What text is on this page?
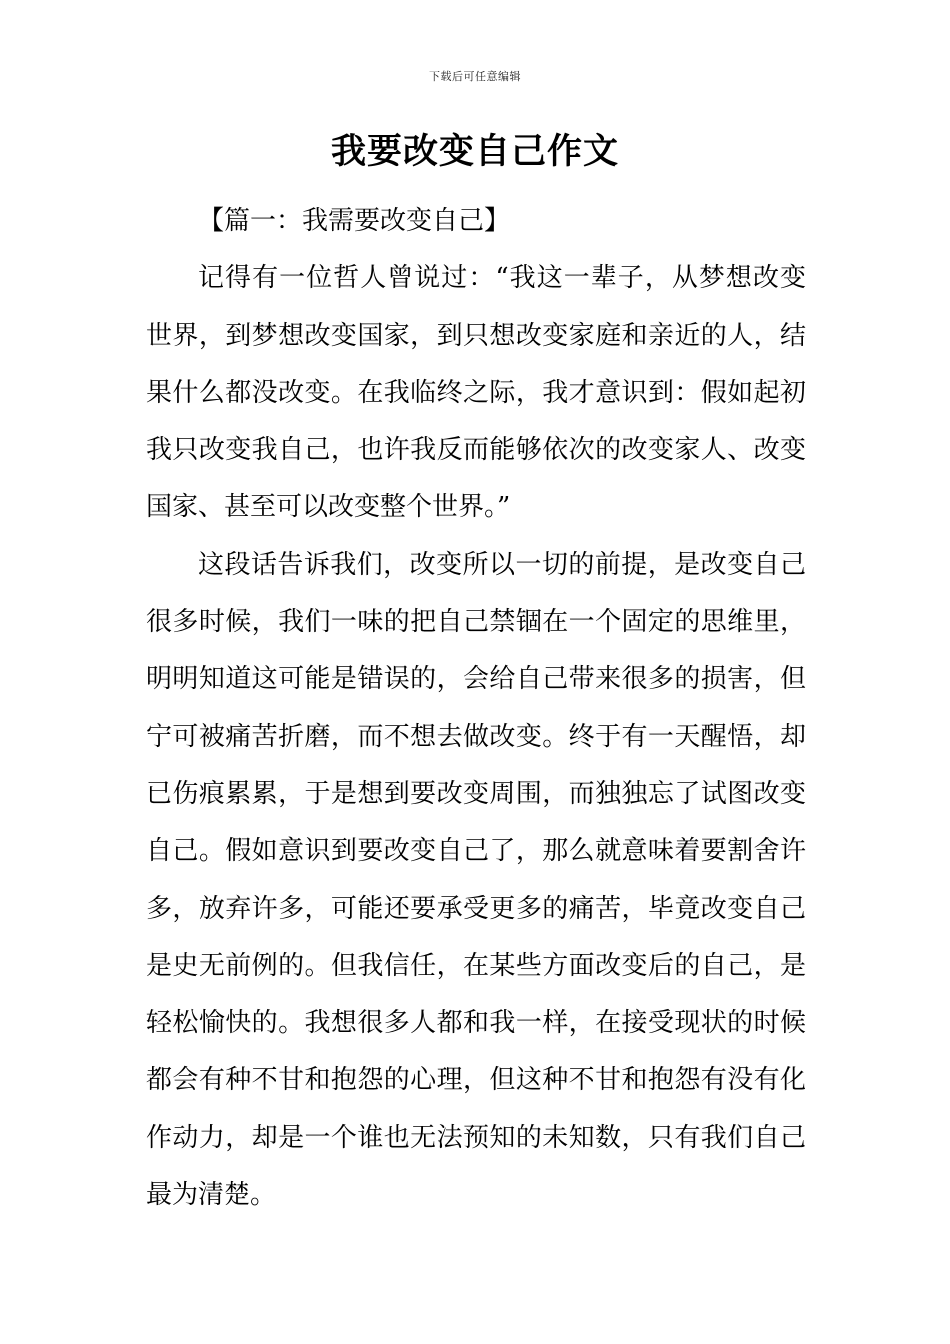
下载后可任意编辑
我要改变自己作文

【篇一：我需要改变自己】

记得有一位哲人曾说过：“我这一辈子，从梦想改变世界，到梦想改变国家，到只想改变家庭和亲近的人，结果什么都没改变。在我临终之际，我才意识到：假如起初我只改变我自己，也许我反而能够依次的改变家人、改变国家、甚至可以改变整个世界。”

这段话告诉我们，改变所以一切的前提，是改变自己很多时候，我们一味的把自己禁锢在一个固定的思维里，明明知道这可能是错误的，会给自己带来很多的损害，但宁可被痛苦折磨，而不想去做改变。终于有一天醒悟，却已伤痕累累，于是想到要改变周围，而独独忘了试图改变自己。假如意识到要改变自己了，那么就意味着要割舍许多，放弃许多，可能还要承受更多的痛苦，毕竟改变自己是史无前例的。但我信任，在某些方面改变后的自己，是轻松愉快的。我想很多人都和我一样，在接受现状的时候都会有种不甘和抱怨的心理，但这种不甘和抱怨有没有化作动力，却是一个谁也无法预知的未知数，只有我们自己最为清楚。
